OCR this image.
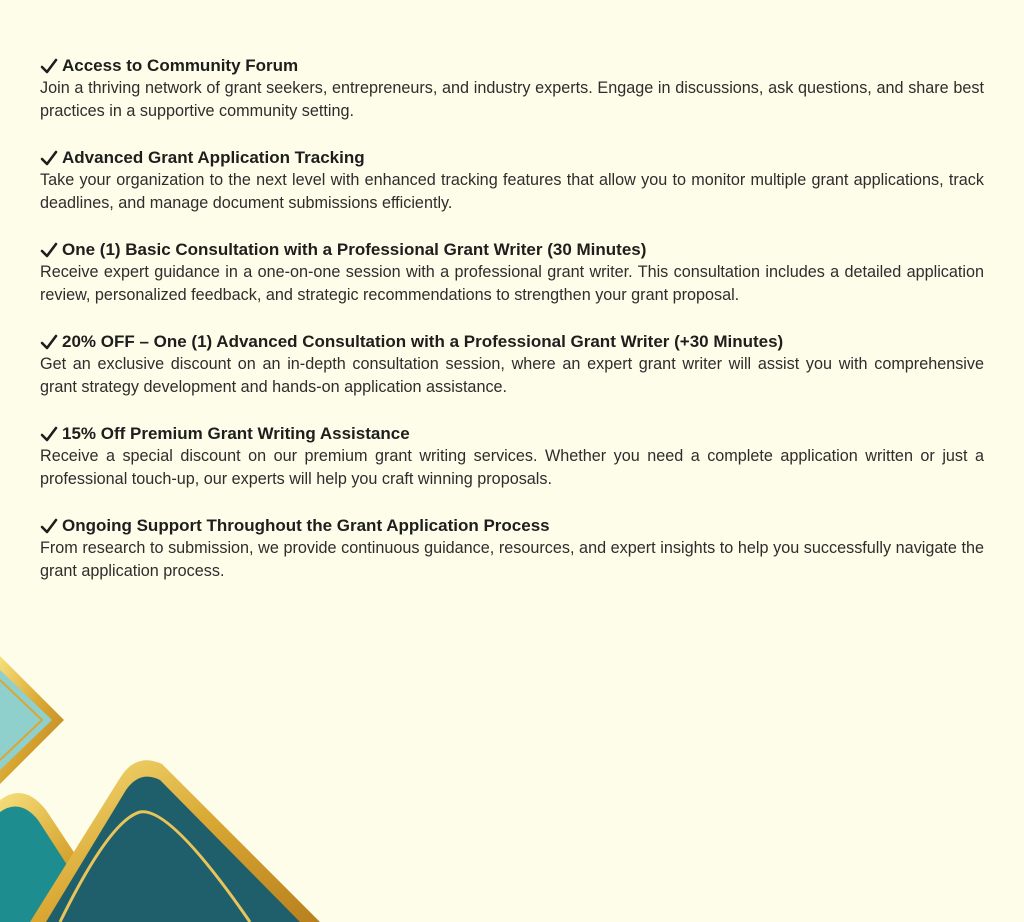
Access to Community Forum
Join a thriving network of grant seekers, entrepreneurs, and industry experts. Engage in discussions, ask questions, and share best practices in a supportive community setting.
Advanced Grant Application Tracking
Take your organization to the next level with enhanced tracking features that allow you to monitor multiple grant applications, track deadlines, and manage document submissions efficiently.
One (1) Basic Consultation with a Professional Grant Writer (30 Minutes)
Receive expert guidance in a one-on-one session with a professional grant writer. This consultation includes a detailed application review, personalized feedback, and strategic recommendations to strengthen your grant proposal.
20% OFF – One (1) Advanced Consultation with a Professional Grant Writer (+30 Minutes)
Get an exclusive discount on an in-depth consultation session, where an expert grant writer will assist you with comprehensive grant strategy development and hands-on application assistance.
15% Off Premium Grant Writing Assistance
Receive a special discount on our premium grant writing services. Whether you need a complete application written or just a professional touch-up, our experts will help you craft winning proposals.
Ongoing Support Throughout the Grant Application Process
From research to submission, we provide continuous guidance, resources, and expert insights to help you successfully navigate the grant application process.
